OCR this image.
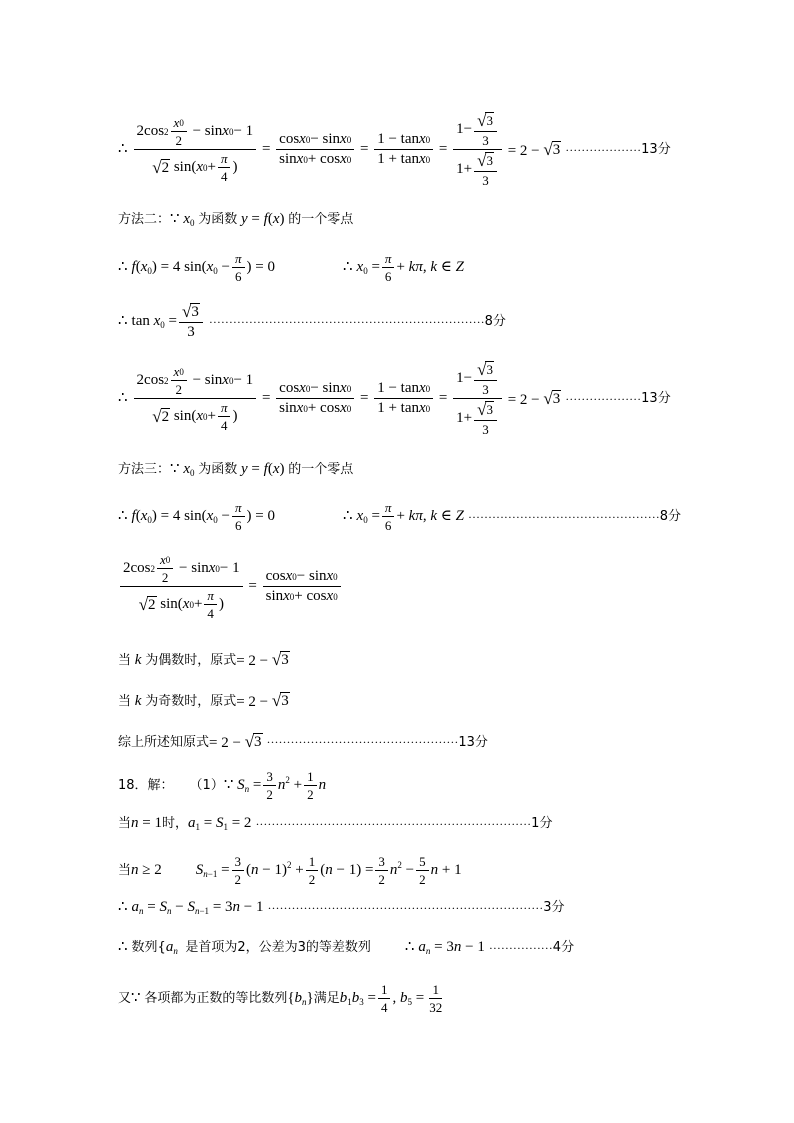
∴ $\frac{2\cos 2 \frac{x 0}{2} - \sin x 0 - 1}{√ 2 \sin( x 0 + \frac{\pi}{4} )} = \frac{\text{cos x 0 − sin x 0}}{\text{sin x 0 + cos x 0}} = \frac{\text{1 − tan x 0}}{\text{1 + tan x 0}} = \frac{1- \frac{√ 3}{3}}{1+ \frac{√ 3}{3}} = 2$ − √ 3 ··················· 13分
方法二： ∵ $x_0$ 为函数 y = f(x) 的一个零点
∴ $f(x_0) = 4$ $\sin(x_0 - \frac{\pi}{6}$ ) = 0	∴ $x_0 = \frac{\pi}{6} + k\pi$, k ∈ Z
∴ $\tan x_0 = \frac{√ 3}{3}$ ····································································· 8分
∴ $\frac{2\cos 2 \frac{x 0}{2} - \sin x 0 - 1}{√ 2 \sin( x 0 + \frac{\pi}{4} )} = \frac{\text{cos x 0 − sin x 0}}{\text{sin x 0 + cos x 0}} = \frac{\text{1 − tan x 0}}{\text{1 + tan x 0}} = \frac{1- \frac{√ 3}{3}}{1+ \frac{√ 3}{3}} = 2$ − √ 3 ··················· 13分
方法三： ∵ $x_0$ 为函数 y = f(x) 的一个零点
∴ $f(x_0) = 4$ $\sin(x_0 - \frac{\pi}{6}$ ) = 0	∴ $x_0 = \frac{\pi}{6} + k\pi$, k ∈ Z ················································ 8分
$\frac{2\cos 2 \frac{x 0}{2} - \sin x 0 - 1}{√ 2 \sin( x 0 + \frac{\pi}{4} )} = \frac{\text{cos x 0 − sin x 0}}{\text{sin x 0 + cos x 0}}$
当 k 为偶数时，原式 = 2 − √ 3
当 k 为奇数时，原式 = 2 − √ 3
综上所述知原式 = 2 − √ 3 ················································ 13分
18．解： （1） ∵ $S_n = \frac{3}{2} n^2 + \frac{1}{2}$ n
当 n = 1 时， $a_1 = S_1 = 2$ ····································································· 1分
当 n ≥ 2 $S_{n-1} = \frac{3}{2} (n - 1)^2 + \frac{1}{2} (n - 1) = \frac{3}{2} n^2 - \frac{5}{2}$ n + 1
∴ $a_n = S_n - S_{n-1} = 3n - 1$ ····································································· 3分
∴ 数列{ $a_n$ 是首项为2，公差为3的等差数列 ∴ $a_n = 3n - 1$ ················ 4分
又 ∵ 各项都为正数的等比数列 $\{b_n\}$ 满足 $b_1b_3 = \frac{1}{4}$ , $b_5 = \frac{1}{32}$
